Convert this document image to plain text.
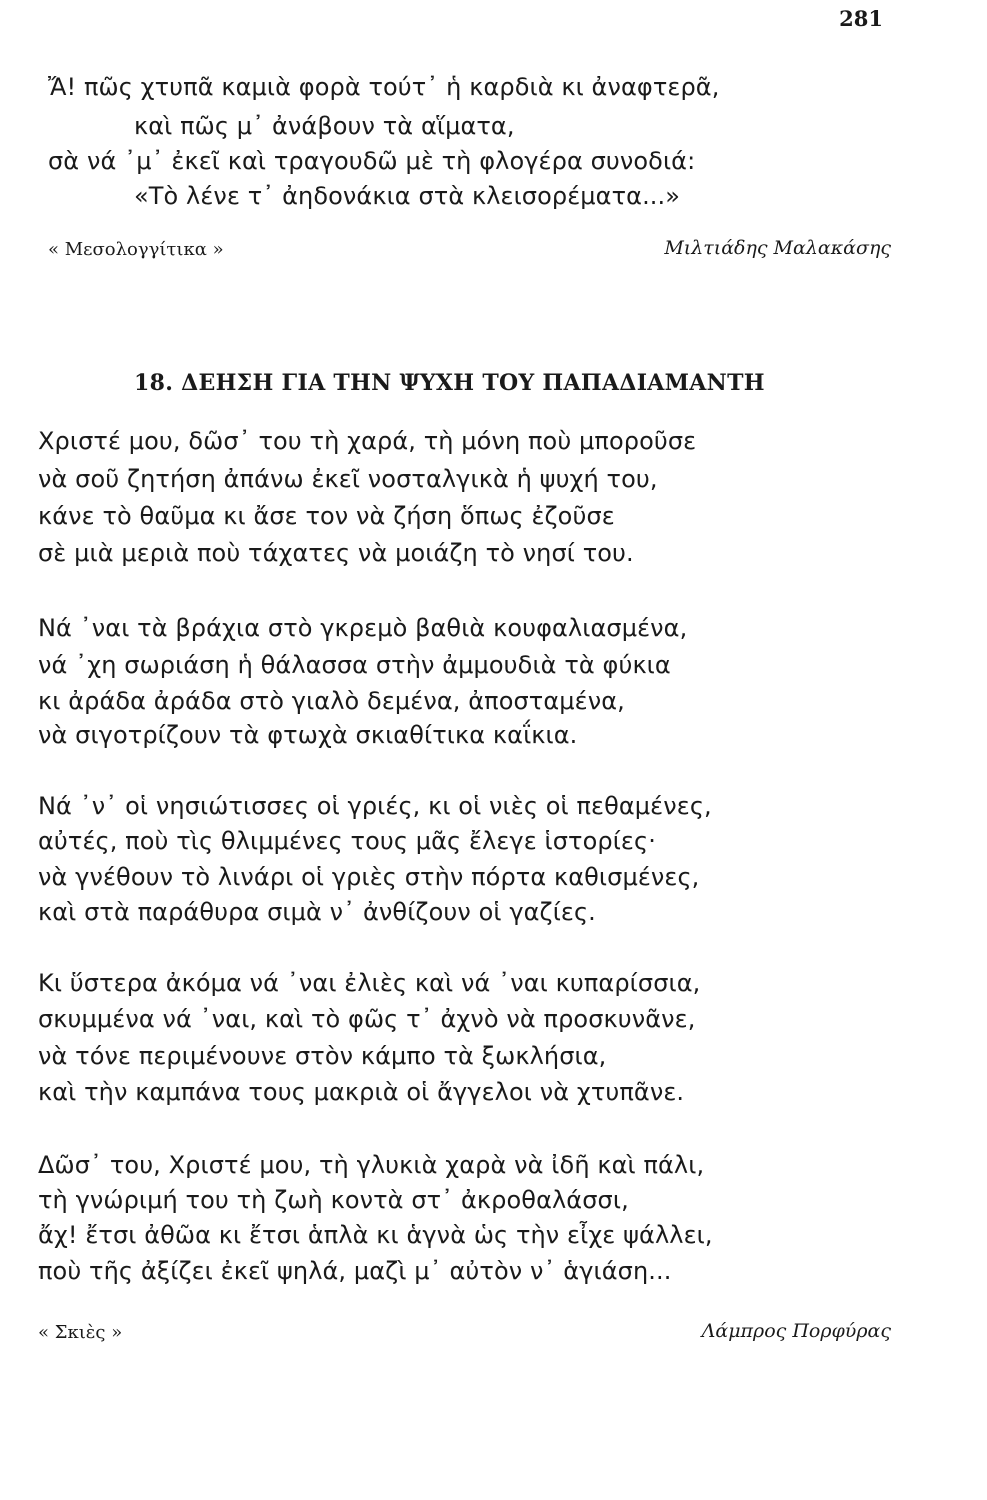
281
Ἄ! πῶς χτυπᾶ καμιὰ φορὰ τούτ᾿ ἡ καρδιὰ κι ἀναφτερᾶ,
καὶ πῶς μ᾿ ἀνάβουν τὰ αἵματα,
σὰ νά ᾿μ᾿ ἐκεῖ καὶ τραγουδῶ μὲ τὴ φλογέρα συνοδιά:
«Τὸ λένε τ᾿ ἀηδονάκια στὰ κλεισορέματα...»
« Μεσολογγίτικα »	Μιλτιάδης Μαλακάσης
18. ΔΕΗΣΗ ΓΙΑ ΤΗΝ ΨΥΧΗ ΤΟΥ ΠΑΠΑΔΙΑΜΑΝΤΗ
Χριστέ μου, δῶσ᾿ του τὴ χαρά, τὴ μόνη ποὺ μποροῦσε
νὰ σοῦ ζητήση ἀπάνω ἐκεῖ νοσταλγικὰ ἡ ψυχή του,
κάνε τὸ θαῦμα κι ἄσε τον νὰ ζήση ὅπως ἐζοῦσε
σὲ μιὰ μεριὰ ποὺ τάχατες νὰ μοιάζη τὸ νησί του.
Νά ᾿ναι τὰ βράχια στὸ γκρεμὸ βαθιὰ κουφαλιασμένα,
νά ᾿χη σωριάση ἡ θάλασσα στὴν ἀμμουδιὰ τὰ φύκια
κι ἀράδα ἀράδα στὸ γιαλὸ δεμένα, ἀποσταμένα,
νὰ σιγοτρίζουν τὰ φτωχὰ σκιαθίτικα καΐκια.
Νά ᾿ν᾿ οἱ νησιώτισσες οἱ γριές, κι οἱ νιὲς οἱ πεθαμένες,
αὐτές, ποὺ τὶς θλιμμένες τους μᾶς ἔλεγε ἱστορίες·
νὰ γνέθουν τὸ λινάρι οἱ γριὲς στὴν πόρτα καθισμένες,
καὶ στὰ παράθυρα σιμὰ ν᾿ ἀνθίζουν οἱ γαζίες.
Κι ὕστερα ἀκόμα νά ᾿ναι ἐλιὲς καὶ νά ᾿ναι κυπαρίσσια,
σκυμμένα νά ᾿ναι, καὶ τὸ φῶς τ᾿ ἀχνὸ νὰ προσκυνᾶνε,
νὰ τόνε περιμένουνε στὸν κάμπο τὰ ξωκλήσια,
καὶ τὴν καμπάνα τους μακριὰ οἱ ἄγγελοι νὰ χτυπᾶνε.
Δῶσ᾿ του, Χριστέ μου, τὴ γλυκιὰ χαρὰ νὰ ἰδῆ καὶ πάλι,
τὴ γνώριμή του τὴ ζωὴ κοντὰ στ᾿ ἀκροθαλάσσι,
ἄχ! ἔτσι ἀθῶα κι ἔτσι ἁπλὰ κι ἁγνὰ ὡς τὴν εἶχε ψάλλει,
ποὺ τῆς ἀξίζει ἐκεῖ ψηλά, μαζὶ μ᾿ αὐτὸν ν᾿ ἁγιάση...
« Σκιὲς »	Λάμπρος Πορφύρας
